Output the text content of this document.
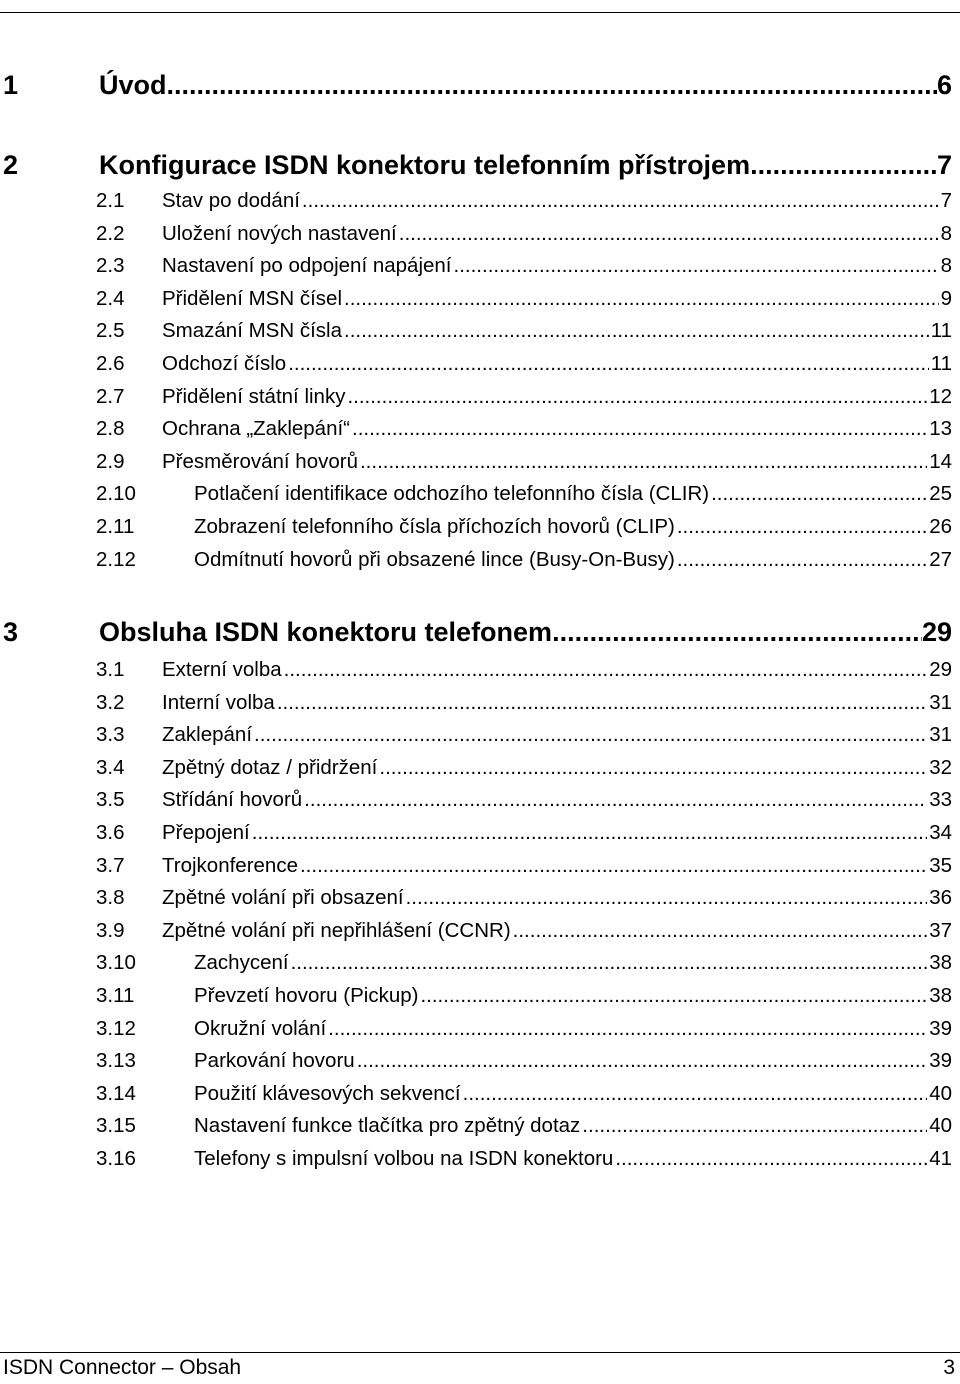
1	Úvod .....	6
2	Konfigurace ISDN konektoru telefonním přístrojem .....	7
2.1	Stav po dodání .....	7
2.2	Uložení nových nastavení .....	8
2.3	Nastavení po odpojení napájení .....	8
2.4	Přidělení MSN čísel .....	9
2.5	Smazání MSN čísla .....	11
2.6	Odchozí číslo .....	11
2.7	Přidělení státní linky .....	12
2.8	Ochrana „Zaklepání“ .....	13
2.9	Přesměrování hovorů .....	14
2.10	Potlačení identifikace odchozího telefonního čísla (CLIR) .....	25
2.11	Zobrazení telefonního čísla příchozích hovorů (CLIP) .....	26
2.12	Odmítnutí hovorů při obsazené lince (Busy-On-Busy) .....	27
3	Obsluha ISDN konektoru telefonem .....	29
3.1	Externí volba .....	29
3.2	Interní volba .....	31
3.3	Zaklepání .....	31
3.4	Zpětný dotaz / přidržení .....	32
3.5	Střídání hovorů .....	33
3.6	Přepojení .....	34
3.7	Trojkonference .....	35
3.8	Zpětné volání při obsazení .....	36
3.9	Zpětné volání při nepřihlášení (CCNR) .....	37
3.10	Zachycení .....	38
3.11	Převzetí hovoru (Pickup) .....	38
3.12	Okružní volání .....	39
3.13	Parkování hovoru .....	39
3.14	Použití klávesových sekvencí .....	40
3.15	Nastavení funkce tlačítka pro zpětný dotaz .....	40
3.16	Telefony s impulsní volbou na ISDN konektoru .....	41
ISDN Connector – Obsah	3
